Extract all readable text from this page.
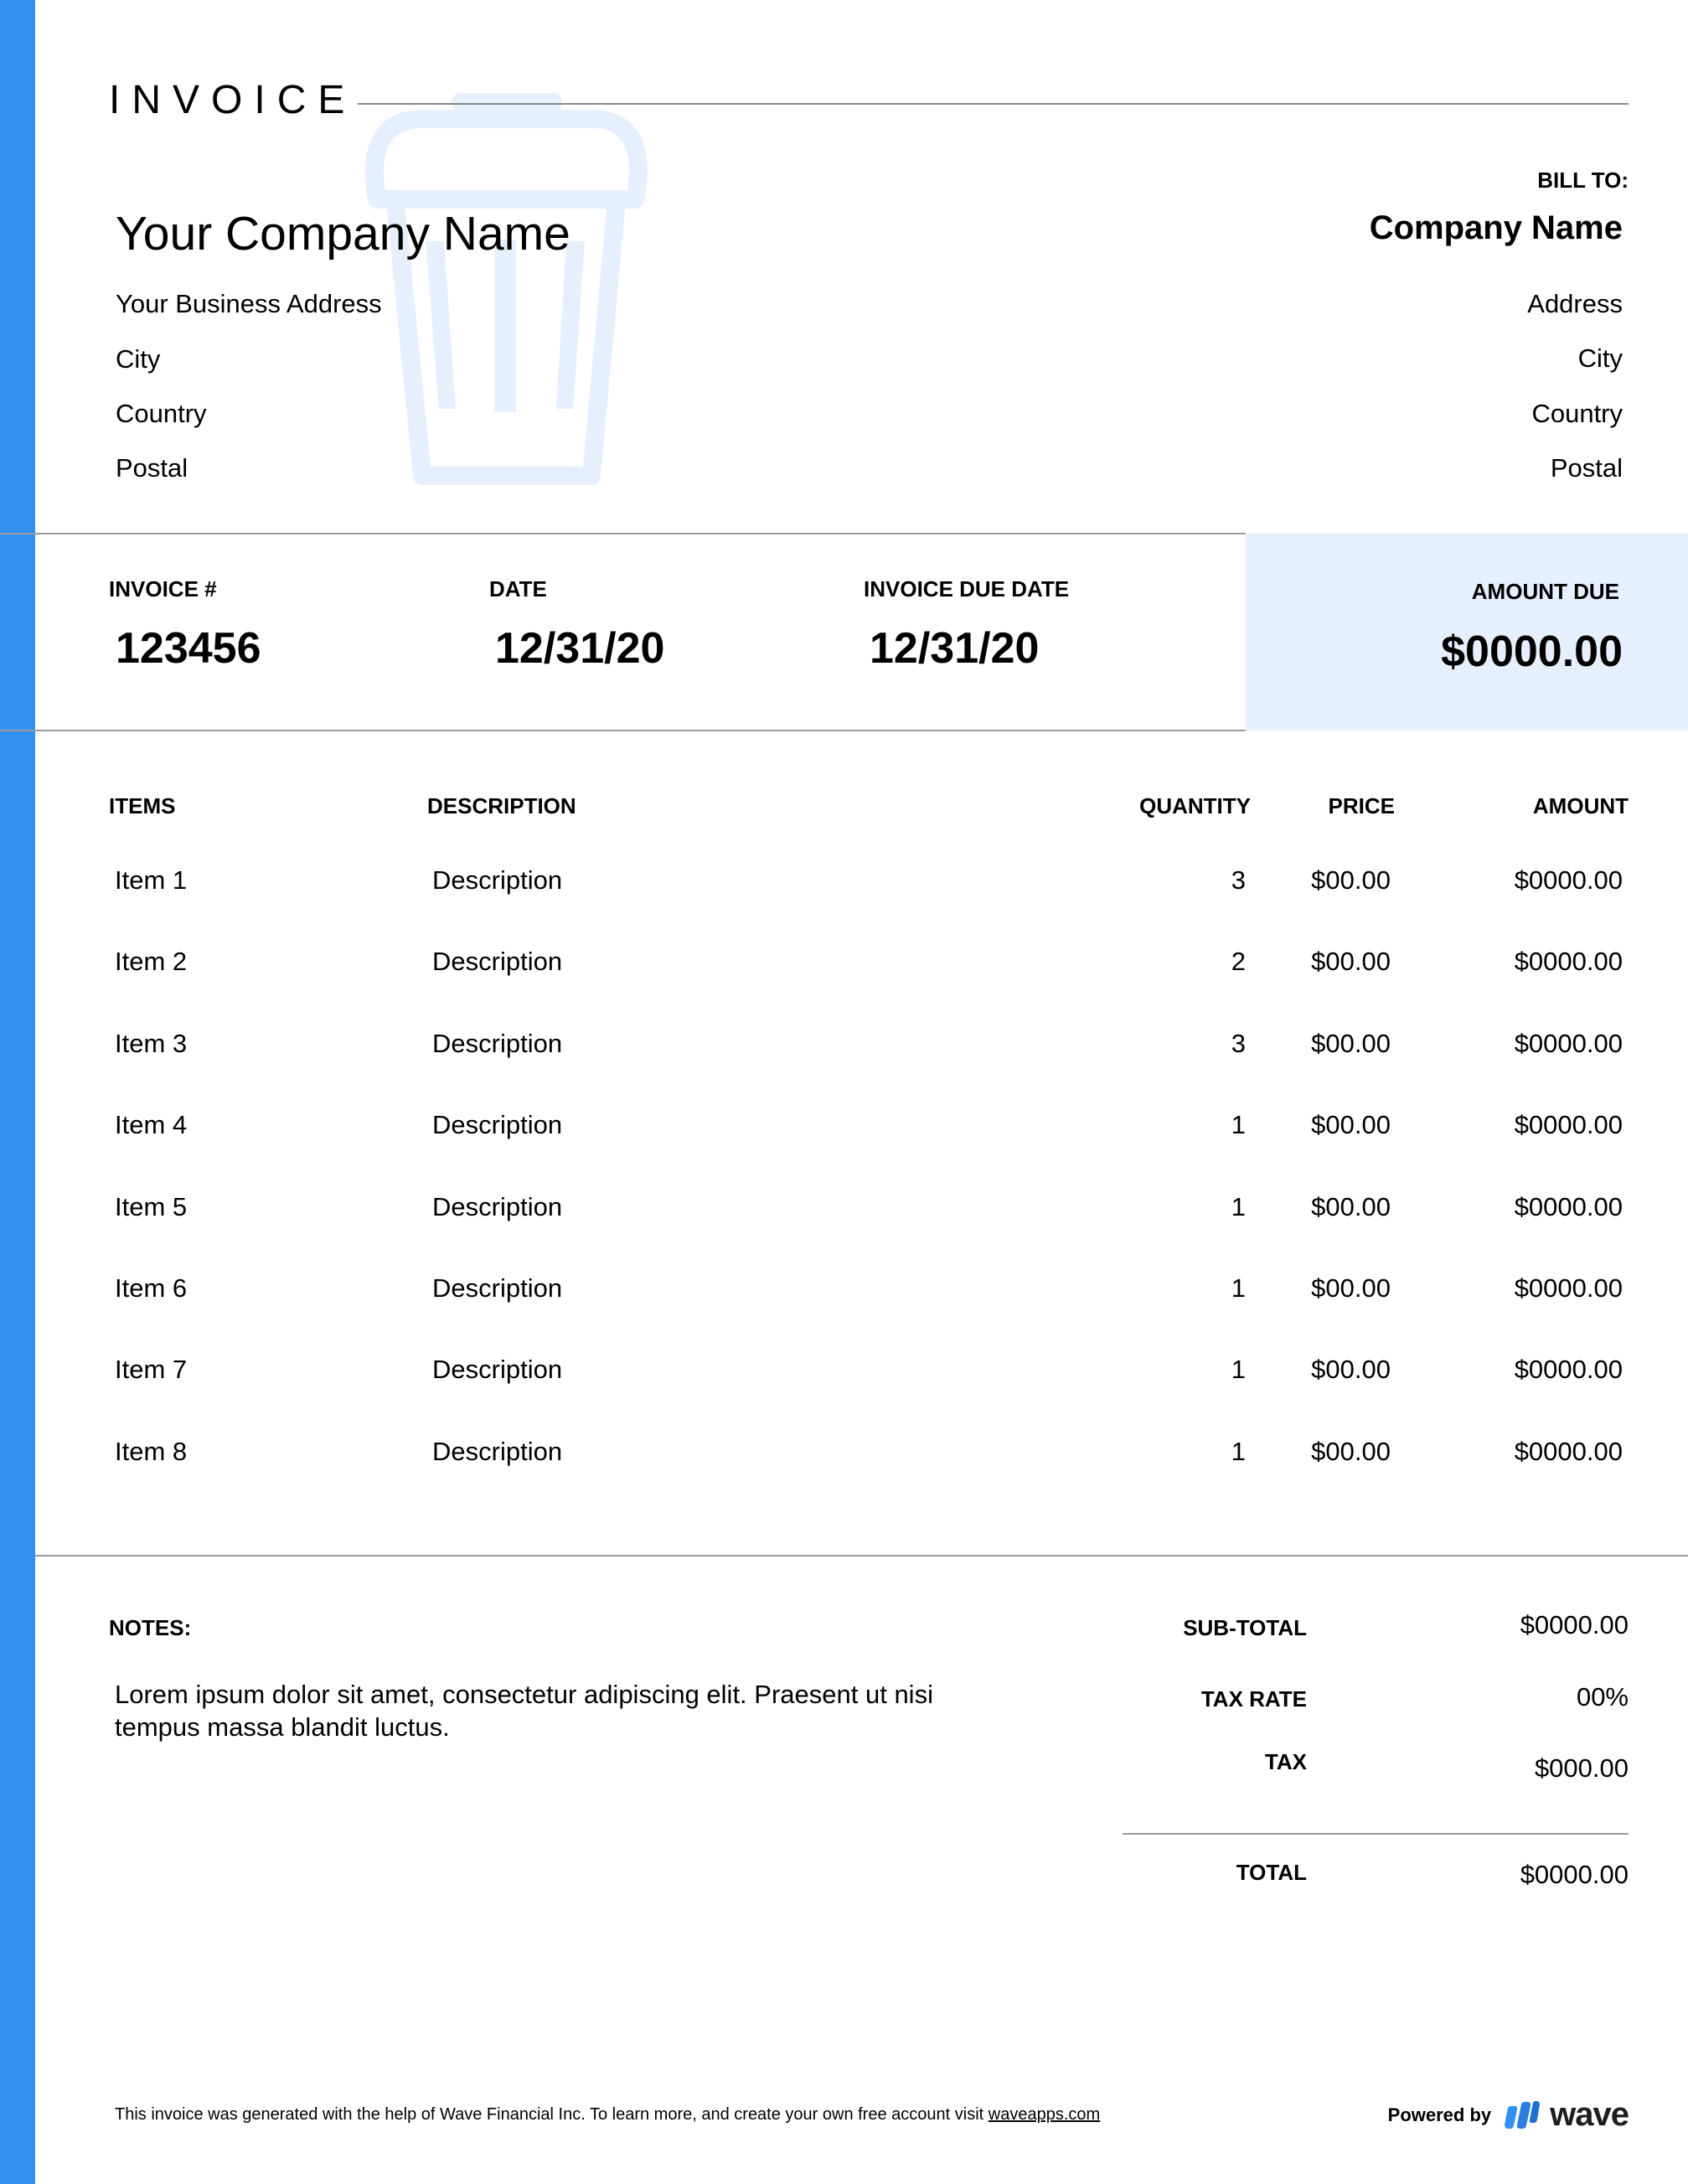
INVOICE
Your Company Name
Your Business Address
City
Country
Postal
BILL TO:
Company Name
Address
City
Country
Postal
INVOICE #
123456
DATE
12/31/20
INVOICE DUE DATE
12/31/20
AMOUNT DUE
$0000.00
ITEMS	DESCRIPTION	QUANTITY	PRICE	AMOUNT
Item 1	Description	3	$00.00	$0000.00
Item 2	Description	2	$00.00	$0000.00
Item 3	Description	3	$00.00	$0000.00
Item 4	Description	1	$00.00	$0000.00
Item 5	Description	1	$00.00	$0000.00
Item 6	Description	1	$00.00	$0000.00
Item 7	Description	1	$00.00	$0000.00
Item 8	Description	1	$00.00	$0000.00
NOTES:
Lorem ipsum dolor sit amet, consectetur adipiscing elit. Praesent ut nisi tempus massa blandit luctus.
SUB-TOTAL	$0000.00
TAX RATE	00%
TAX	$000.00
TOTAL	$0000.00
This invoice was generated with the help of Wave Financial Inc. To learn more, and create your own free account visit waveapps.com	Powered by wave
